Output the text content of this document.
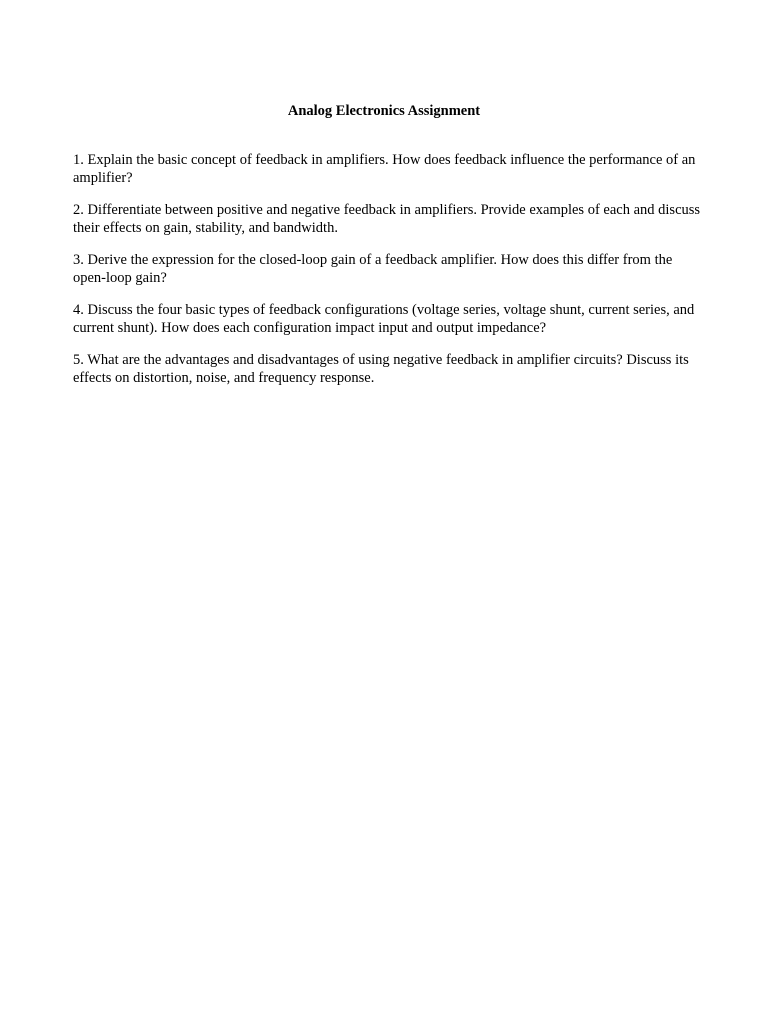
Analog Electronics Assignment
1. Explain the basic concept of feedback in amplifiers. How does feedback influence the performance of an amplifier?
2. Differentiate between positive and negative feedback in amplifiers. Provide examples of each and discuss their effects on gain, stability, and bandwidth.
3. Derive the expression for the closed-loop gain of a feedback amplifier. How does this differ from the open-loop gain?
4. Discuss the four basic types of feedback configurations (voltage series, voltage shunt, current series, and current shunt). How does each configuration impact input and output impedance?
5. What are the advantages and disadvantages of using negative feedback in amplifier circuits? Discuss its effects on distortion, noise, and frequency response.
